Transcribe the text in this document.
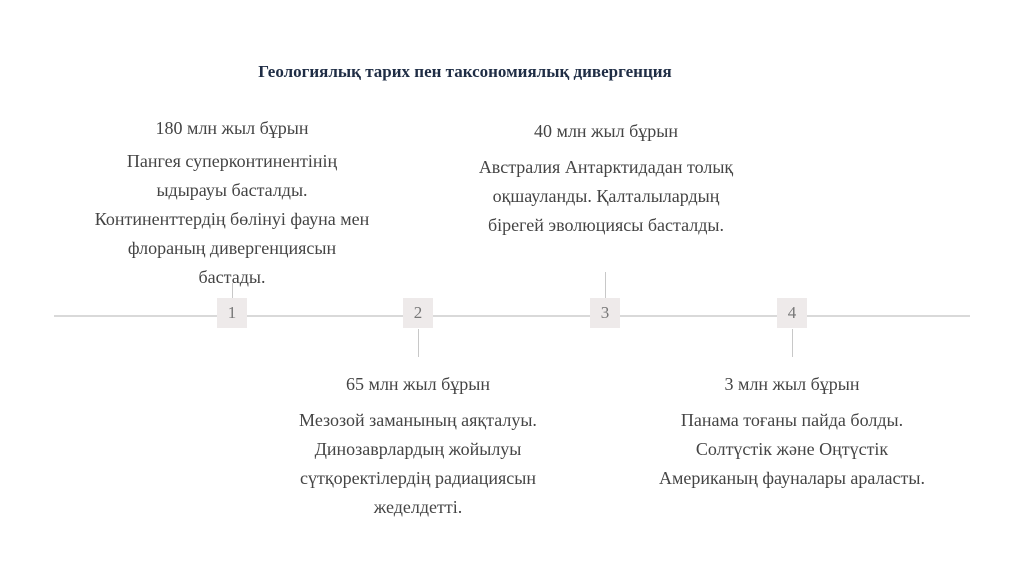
Геологиялық тарих пен таксономиялық дивергенция
1	2	3	4
180 млн жыл бұрын
Пангея суперконтинентінің
ыдырауы басталды.
Континенттердің бөлінуі фауна мен
флораның дивергенциясын
бастады.
40 млн жыл бұрын
Австралия Антарктидадан толық
оқшауланды. Қалталылардың
бірегей эволюциясы басталды.
65 млн жыл бұрын
Мезозой заманының аяқталуы.
Динозаврлардың жойылуы
сүтқоректілердің радиациясын
жеделдетті.
3 млн жыл бұрын
Панама тоғаны пайда болды.
Солтүстік және Оңтүстік
Американың фауналары араласты.
